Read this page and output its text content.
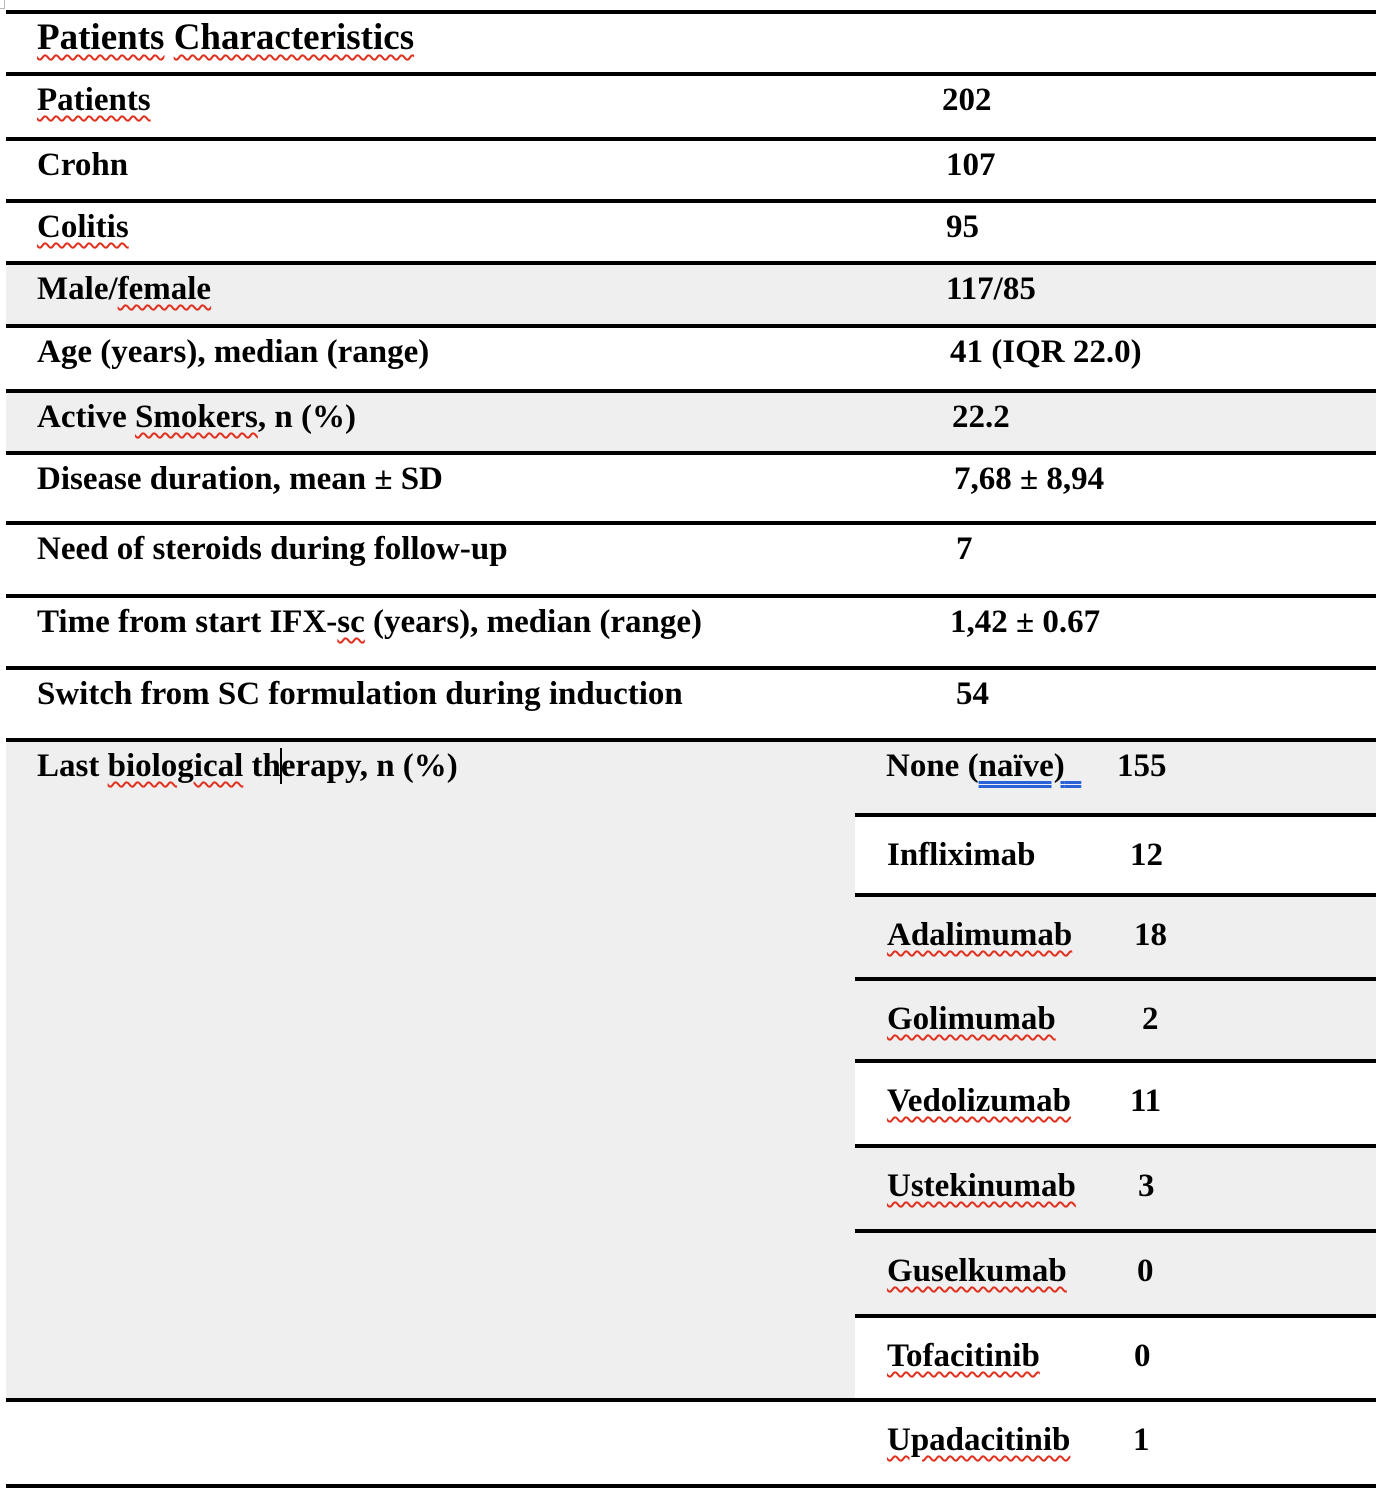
Patients Characteristics
Patients	202
Crohn	107
Colitis	95
Male/female	117/85
Age (years), median (range)	41 (IQR 22.0)
Active Smokers, n (%)	22.2
Disease duration, mean ± SD	7,68 ± 8,94
Need of steroids during follow-up	7
Time from start IFX-sc (years), median (range)	1,42 ± 0.67
Switch from SC formulation during induction	54
Last biological therapy, n (%)	None (naïve)	155
Infliximab	12
Adalimumab 18
Golimumab	2
Vedolizumab 11
Ustekinumab 3
Guselkumab 0
Tofacitinib	0
Upadacitinib 1
